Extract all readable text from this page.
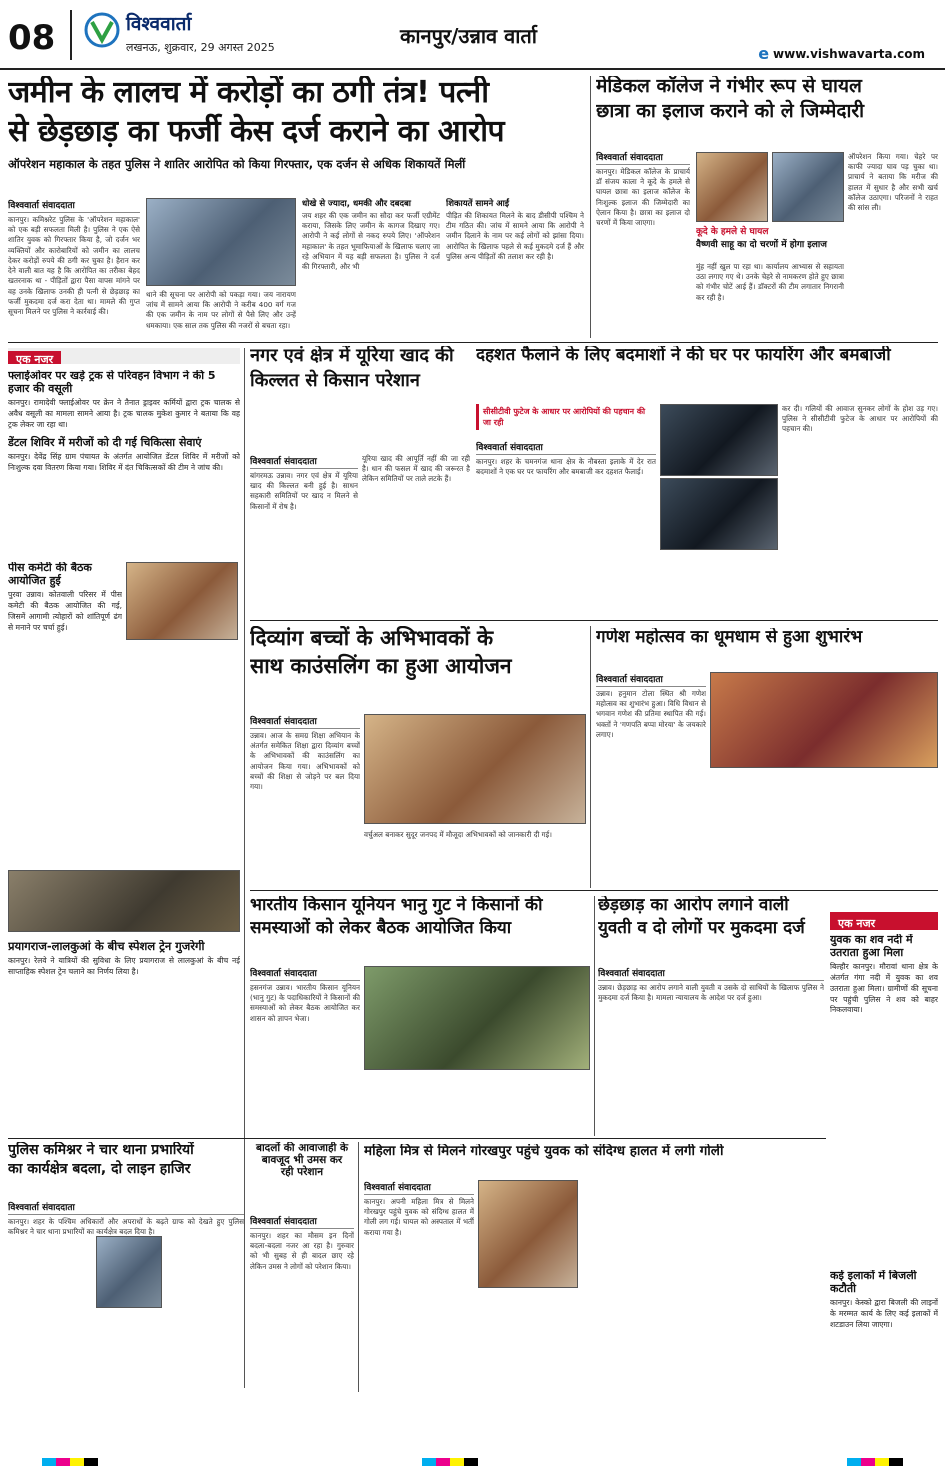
08	विश्ववार्ता
लखनऊ, शुक्रवार, 29 अगस्त 2025	कानपुर/उन्नाव वार्ता
e www.vishwavarta.com
जमीन के लालच में करोड़ों का ठगी तंत्र! पत्नी
से छेड़छाड़ का फर्जी केस दर्ज कराने का आरोप
ऑपरेशन महाकाल के तहत पुलिस ने शातिर आरोपित को किया गिरफ्तार, एक दर्जन से अधिक शिकायतें मिलीं
विश्ववार्ता संवाददाता
कानपुर। कमिश्नरेट पुलिस के 'ऑपरेशन महाकाल' को एक बड़ी सफलता मिली है। पुलिस ने एक ऐसे शातिर युवक को गिरफ्तार किया है, जो दर्जन भर व्यक्तियों और कारोबारियों को जमीन का लालच देकर करोड़ों रुपये की ठगी कर चुका है। हैरान कर देने वाली बात यह है कि आरोपित का तरीका बेहद खतरनाक था - पीड़ितों द्वारा पैसा वापस मांगने पर वह उनके खिलाफ उनकी ही पत्नी से छेड़छाड़ का फर्जी मुकदमा दर्ज करा देता था। मामले की गुप्त सूचना मिलने पर पुलिस ने कार्रवाई की।
थाने की सूचना पर आरोपी को पकड़ा गया। जय नारायण जांच में सामने आया कि आरोपी ने करीब 400 वर्ग गज की एक जमीन के नाम पर लोगों से पैसे लिए और उन्हें धमकाया। एक साल तक पुलिस की नजरों से बचता रहा।
धोखे से ज्यादा, धमकी और दबदबा
जय शहर की एक जमीन का सौदा कर फर्जी एग्रीमेंट कराया, जिसके लिए जमीन के कागज दिखाए गए। आरोपी ने कई लोगों से नकद रुपये लिए। 'ऑपरेशन महाकाल' के तहत भूमाफियाओं के खिलाफ चलाए जा रहे अभियान में यह बड़ी सफलता है। पुलिस ने दर्ज की गिरफ्तारी, और भी
शिकायतें सामने आईं
पीड़ित की शिकायत मिलने के बाद डीसीपी पश्चिम ने टीम गठित की। जांच में सामने आया कि आरोपी ने जमीन दिलाने के नाम पर कई लोगों को झांसा दिया। आरोपित के खिलाफ पहले से कई मुकदमे दर्ज हैं और पुलिस अन्य पीड़ितों की तलाश कर रही है।
मेडिकल कॉलेज ने गंभीर रूप से घायल
छात्रा का इलाज कराने को ले जिम्मेदारी
विश्ववार्ता संवाददाता
कानपुर। मेडिकल कॉलेज के प्राचार्य डॉ संजय काला ने कूदे के हमले से घायल छात्रा का इलाज कॉलेज के निःशुल्क इलाज की जिम्मेदारी का ऐलान किया है। छात्रा का इलाज दो चरणों में किया जाएगा।
कूदे के हमले से घायल
वैष्णवी साहू का दो चरणों में होगा इलाज
मुंह नहीं खुल पा रहा था। कार्यालय आभ्यास से सहायता उठा लगाए गए थे। उनके चेहरे से नामकरण होते हुए छात्रा को गंभीर चोटें आई हैं। डॉक्टरों की टीम लगातार निगरानी कर रही है।
ऑपरेशन किया गया। चेहरे पर काफी ज्यादा घाव पड़ चुका था। प्राचार्य ने बताया कि मरीज की हालत में सुधार है और सभी खर्च कॉलेज उठाएगा। परिजनों ने राहत की सांस ली।
एक नजर
फ्लाईओवर पर खड़े ट्रक से परिवहन विभाग ने की 5 हजार की वसूली
कानपुर। रामादेवी फ्लाईओवर पर क्रेन ने तैनात ड्राइवर कर्मियों द्वारा ट्रक चालक से अवैध वसूली का मामला सामने आया है। ट्रक चालक मुकेश कुमार ने बताया कि वह ट्रक लेकर जा रहा था।
डेंटल शिविर में मरीजों को दी गई चिकित्सा सेवाएं
कानपुर। देवेंद्र सिंह ग्राम पंचायत के अंतर्गत आयोजित डेंटल शिविर में मरीजों को निःशुल्क दवा वितरण किया गया। शिविर में दंत चिकित्सकों की टीम ने जांच की।
पीस कमेटी की बैठक आयोजित हुई
पुरवा उन्नाव। कोतवाली परिसर में पीस कमेटी की बैठक आयोजित की गई, जिसमें आगामी त्योहारों को शांतिपूर्ण ढंग से मनाने पर चर्चा हुई।
प्रयागराज-लालकुआं के बीच स्पेशल ट्रेन गुजरेगी
कानपुर। रेलवे ने यात्रियों की सुविधा के लिए प्रयागराज से लालकुआं के बीच नई साप्ताहिक स्पेशल ट्रेन चलाने का निर्णय लिया है।
नगर एवं क्षेत्र में यूरिया खाद की
किल्लत से किसान परेशान
विश्ववार्ता संवाददाता
बांगरमऊ उन्नाव। नगर एवं क्षेत्र में यूरिया खाद की किल्लत बनी हुई है। साधन सहकारी समितियों पर खाद न मिलने से किसानों में रोष है।
यूरिया खाद की आपूर्ति नहीं की जा रही है। धान की फसल में खाद की जरूरत है लेकिन समितियों पर ताले लटके हैं।
दहशत फैलाने के लिए बदमाशों ने की घर पर फायरिंग और बमबाजी
सीसीटीवी फुटेज के आधार पर आरोपियों की पहचान की जा रही
विश्ववार्ता संवाददाता
कानपुर। शहर के चमनगंज थाना क्षेत्र के नौबस्ता इलाके में देर रात बदमाशों ने एक घर पर फायरिंग और बमबाजी कर दहशत फैलाई।
कर दी। गलियों की आवाज सुनकर लोगों के होश उड़ गए। पुलिस ने सीसीटीवी फुटेज के आधार पर आरोपियों की पहचान की।
दिव्यांग बच्चों के अभिभावकों के
साथ काउंसलिंग का हुआ आयोजन
विश्ववार्ता संवाददाता
उन्नाव। आज के समग्र शिक्षा अभियान के अंतर्गत समेकित शिक्षा द्वारा दिव्यांग बच्चों के अभिभावकों की काउंसलिंग का आयोजन किया गया। अभिभावकों को बच्चों की शिक्षा से जोड़ने पर बल दिया गया।
वर्चुअल बनाकर सुदूर जनपद में मौजूदा अभिभावकों को जानकारी दी गई।
गणेश महोत्सव का धूमधाम से हुआ शुभारंभ
विश्ववार्ता संवाददाता
उन्नाव। हनुमान टोला स्थित श्री गणेश महोत्सव का शुभारंभ हुआ। विधि विधान से भगवान गणेश की प्रतिमा स्थापित की गई। भक्तों ने 'गणपति बप्पा मोरया' के जयकारे लगाए।
भारतीय किसान यूनियन भानु गुट ने किसानों की
समस्याओं को लेकर बैठक आयोजित किया
विश्ववार्ता संवाददाता
हसनगंज उन्नाव। भारतीय किसान यूनियन (भानु गुट) के पदाधिकारियों ने किसानों की समस्याओं को लेकर बैठक आयोजित कर शासन को ज्ञापन भेजा।
छेड़छाड़ का आरोप लगाने वाली
युवती व दो लोगों पर मुकदमा दर्ज
विश्ववार्ता संवाददाता
उन्नाव। छेड़छाड़ का आरोप लगाने वाली युवती व उसके दो साथियों के खिलाफ पुलिस ने मुकदमा दर्ज किया है। मामला न्यायालय के आदेश पर दर्ज हुआ।
एक नजर
युवक का शव नदी में उतराता हुआ मिला
बिल्हौर कानपुर। मौरावां थाना क्षेत्र के अंतर्गत गंगा नदी में युवक का शव उतराता हुआ मिला। ग्रामीणों की सूचना पर पहुंची पुलिस ने शव को बाहर निकलवाया।
कई इलाकों में बिजली कटौती
कानपुर। केस्को द्वारा बिजली की लाइनों के मरम्मत कार्य के लिए कई इलाकों में शटडाउन लिया जाएगा।
पुलिस कमिश्नर ने चार थाना प्रभारियों
का कार्यक्षेत्र बदला, दो लाइन हाजिर
विश्ववार्ता संवाददाता
कानपुर। शहर के पश्चिम अधिकारों और अपराधों के बढ़ते ग्राफ को देखते हुए पुलिस कमिश्नर ने चार थाना प्रभारियों का कार्यक्षेत्र बदल दिया है।
बादलों की आवाजाही के
बावजूद भी उमस कर
रही परेशान
विश्ववार्ता संवाददाता
कानपुर। शहर का मौसम इन दिनों बदला-बदला नजर आ रहा है। गुरुवार को भी सुबह से ही बादल छाए रहे लेकिन उमस ने लोगों को परेशान किया।
महिला मित्र से मिलने गोरखपुर पहुंचे युवक को संदिग्ध हालत में लगी गोली
विश्ववार्ता संवाददाता
कानपुर। अपनी महिला मित्र से मिलने गोरखपुर पहुंचे युवक को संदिग्ध हालत में गोली लग गई। घायल को अस्पताल में भर्ती कराया गया है।
